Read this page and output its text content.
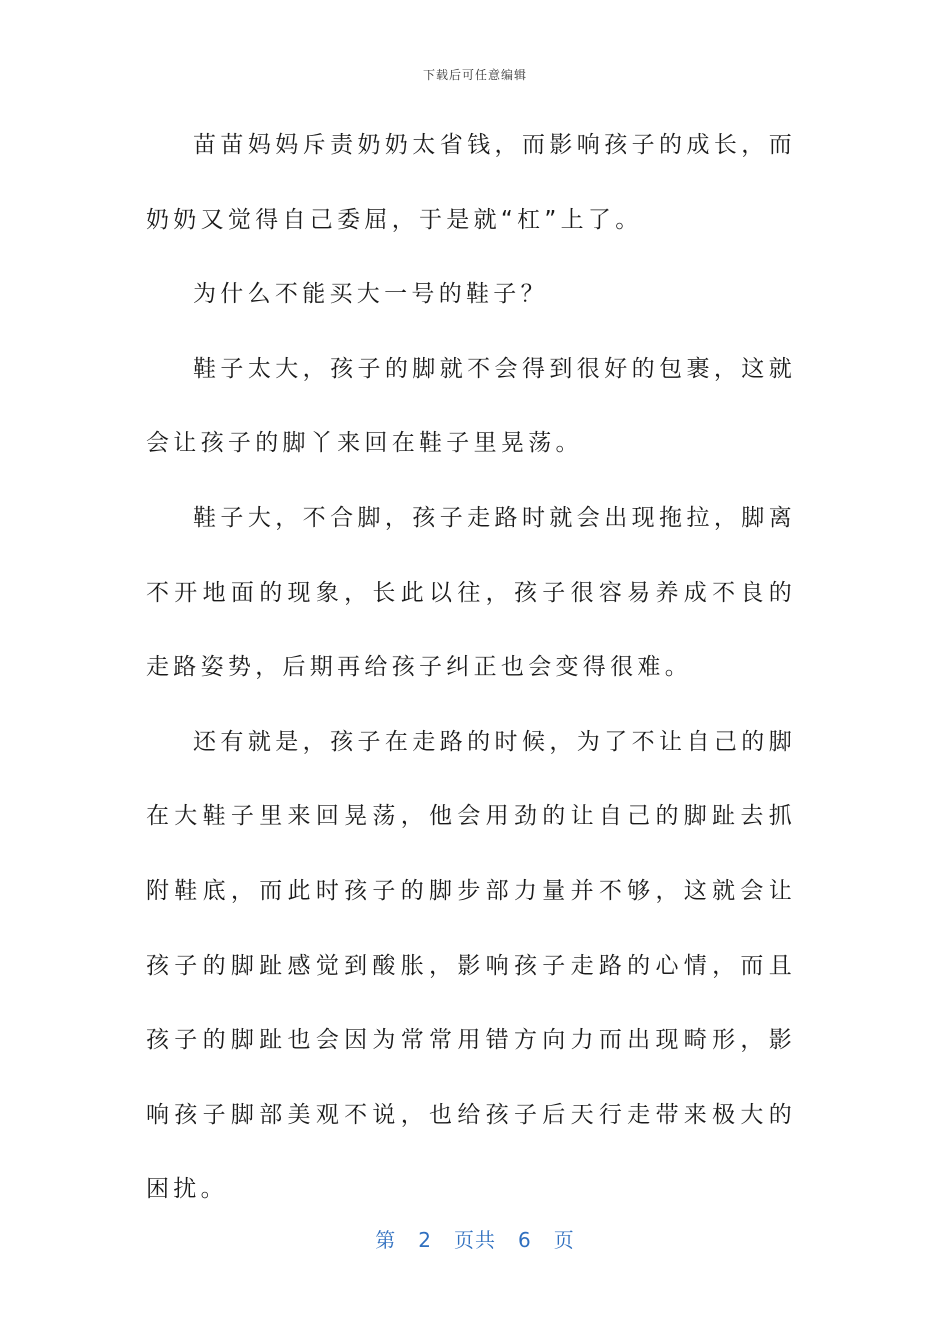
下载后可任意编辑

苗苗妈妈斥责奶奶太省钱，而影响孩子的成长，而奶奶又觉得自己委屈，于是就“杠”上了。

为什么不能买大一号的鞋子？

鞋子太大，孩子的脚就不会得到很好的包裹，这就会让孩子的脚丫来回在鞋子里晃荡。

鞋子大，不合脚，孩子走路时就会出现拖拉，脚离不开地面的现象，长此以往，孩子很容易养成不良的走路姿势，后期再给孩子纠正也会变得很难。

还有就是，孩子在走路的时候，为了不让自己的脚在大鞋子里来回晃荡，他会用劲的让自己的脚趾去抓附鞋底，而此时孩子的脚步部力量并不够，这就会让孩子的脚趾感觉到酸胀，影响孩子走路的心情，而且孩子的脚趾也会因为常常用错方向力而出现畸形，影响孩子脚部美观不说，也给孩子后天行走带来极大的困扰。

第 2 页共 6 页
